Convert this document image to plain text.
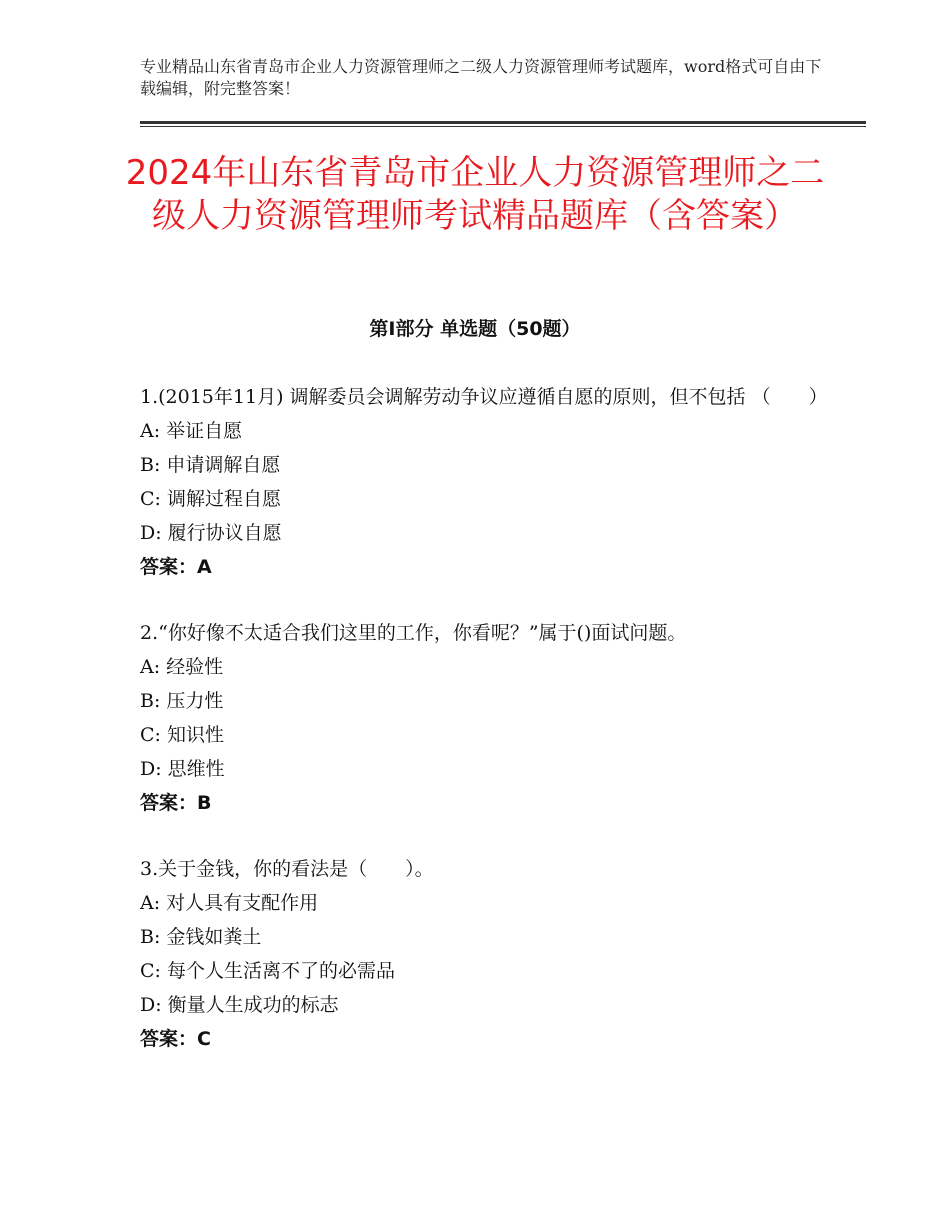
专业精品山东省青岛市企业人力资源管理师之二级人力资源管理师考试题库，word格式可自由下载编辑，附完整答案！
2024年山东省青岛市企业人力资源管理师之二级人力资源管理师考试精品题库（含答案）
第Ⅰ部分 单选题（50题）

1.(2015年11月) 调解委员会调解劳动争议应遵循自愿的原则，但不包括 （　　）

A: 举证自愿

B: 申请调解自愿

C: 调解过程自愿

D: 履行协议自愿

答案：A

2.“你好像不太适合我们这里的工作，你看呢？”属于()面试问题。

A: 经验性

B: 压力性

C: 知识性

D: 思维性

答案：B

3.关于金钱，你的看法是（　　）。

A: 对人具有支配作用

B: 金钱如粪土

C: 每个人生活离不了的必需品

D: 衡量人生成功的标志

答案：C
